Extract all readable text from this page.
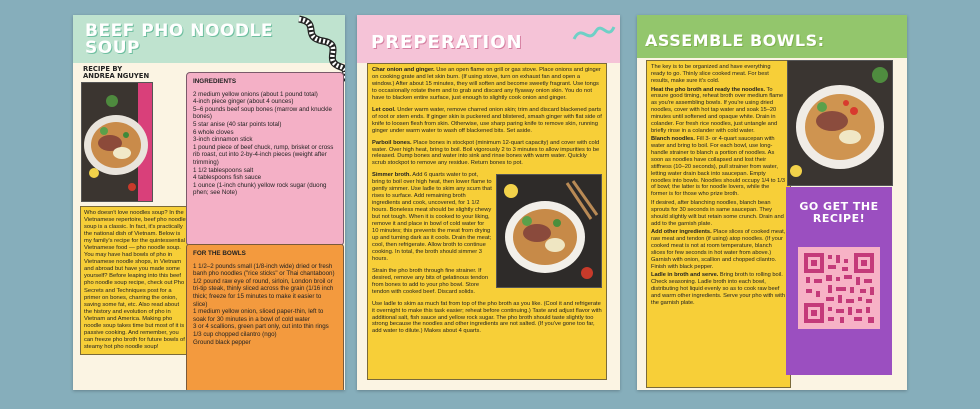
BEEF PHO NOODLE SOUP
RECIPE BY ANDREA NGUYEN
Who doesn't love noodles soup? In the Vietnamese repertoire, beef pho noodle soup is a classic. In fact, it's practically the national dish of Vietnam. Below is my family's recipe for the quintessential Vietnamese food — pho noodle soup. You may have had bowls of pho in Vietnamese noodle shops, in Vietnam and abroad but have you made some yourself? Before leaping into this beef pho noodle soup recipe, check out Pho Secrets and Techniques post for a primer on bones, charring the onion, saving some fat, etc. Also read about the history and evolution of pho in Vietnam and America. Making pho noodle soup takes time but most of it is passive cooking. And remember, you can freeze pho broth for future bowls of steamy hot pho noodle soup!
INGREDIENTS
2 medium yellow onions (about 1 pound total)
4-inch piece ginger (about 4 ounces)
5–6 pounds beef soup bones (marrow and knuckle bones)
5 star anise (40 star points total)
6 whole cloves
3-inch cinnamon stick
1 pound piece of beef chuck, rump, brisket or cross rib roast, cut into 2-by-4-inch pieces (weight after trimming)
1 1/2 tablespoons salt
4 tablespoons fish sauce
1 ounce (1-inch chunk) yellow rock sugar (duong phen; see Note)
FOR THE BOWLS
1 1/2–2 pounds small (1/8-inch wide) dried or fresh banh pho noodles ("rice sticks" or Thai chantaboon)
1/2 pound raw eye of round, sirloin, London broil or tri-tip steak, thinly sliced across the grain (1/16 inch thick; freeze for 15 minutes to make it easier to slice)
1 medium yellow onion, sliced paper-thin, left to soak for 30 minutes in a bowl of cold water
3 or 4 scallions, green part only, cut into thin rings
1/3 cup chopped cilantro (ngo)
Ground black pepper
PREPERATION

Char onion and ginger. Use an open flame on grill or gas stove. Place onions and ginger on cooking grate and let skin burn. (If using stove, turn on exhaust fan and open a window.) After about 15 minutes, they will soften and become sweetly fragrant. Use tongs to occasionally rotate them and to grab and discard any flyaway onion skin. You do not have to blacken entire surface, just enough to slightly cook onion and ginger.

Let cool. Under warm water, remove charred onion skin; trim and discard blackened parts of root or stem ends. If ginger skin is puckered and blistered, smash ginger with flat side of knife to loosen flesh from skin. Otherwise, use sharp paring knife to remove skin, running ginger under warm water to wash off blackened bits. Set aside.

Parboil bones. Place bones in stockpot (minimum 12-quart capacity) and cover with cold water. Over high heat, bring to boil. Boil vigorously 2 to 3 minutes to allow impurities to be released. Dump bones and water into sink and rinse bones with warm water. Quickly scrub stockpot to remove any residue. Return bones to pot.

Simmer broth. Add 6 quarts water to pot, bring to boil over high heat, then lower flame to gently simmer. Use ladle to skim any scum that rises to surface. Add remaining broth ingredients and cook, uncovered, for 1 1/2 hours. Boneless meat should be slightly chewy but not tough. When it is cooked to your liking, remove it and place in bowl of cold water for 10 minutes; this prevents the meat from drying up and turning dark as it cools. Drain the meat; cool, then refrigerate. Allow broth to continue cooking. In total, the broth should simmer 3 hours.

Strain the pho broth through fine strainer. If desired, remove any bits of gelatinous tendon from bones to add to your pho bowl. Store tendon with cooked beef. Discard solids.

Use ladle to skim as much fat from top of the pho broth as you like. (Cool it and refrigerate it overnight to make this task easier; reheat before continuing.) Taste and adjust flavor with additional salt, fish sauce and yellow rock sugar. The pho broth should taste slightly too strong because the noodles and other ingredients are not salted. (If you've gone too far, add water to dilute.) Makes about 4 quarts.

ASSEMBLE BOWLS:

The key is to be organized and have everything ready to go. Thinly slice cooked meat. For best results, make sure it's cold.

Heat the pho broth and ready the noodles. To ensure good timing, reheat broth over medium flame as you're assembling bowls. If you're using dried noodles, cover with hot tap water and soak 15–20 minutes until softened and opaque white. Drain in colander. For fresh rice noodles, just untangle and briefly rinse in a colander with cold water.

Blanch noodles. Fill 3- or 4-quart saucepan with water and bring to boil. For each bowl, use long-handle strainer to blanch a portion of noodles. As soon as noodles have collapsed and lost their stiffness (10–20 seconds), pull strainer from water, letting water drain back into saucepan. Empty noodles into bowls. Noodles should occupy 1/4 to 1/3 of bowl; the latter is for noodle lovers, while the former is for those who prize broth.

If desired, after blanching noodles, blanch bean sprouts for 30 seconds in same saucepan. They should slightly wilt but retain some crunch. Drain and add to the garnish plate.

Add other ingredients. Place slices of cooked meat, raw meat and tendon (if using) atop noodles. (If your cooked meat is not at room temperature, blanch slices for few seconds in hot water from above.) Garnish with onion, scallion and chopped cilantro. Finish with black pepper.

Ladle in broth and serve. Bring broth to rolling boil. Check seasoning. Ladle broth into each bowl, distributing hot liquid evenly so as to cook raw beef and warm other ingredients. Serve your pho with with the garnish plate.

GO GET THE RECIPE!
